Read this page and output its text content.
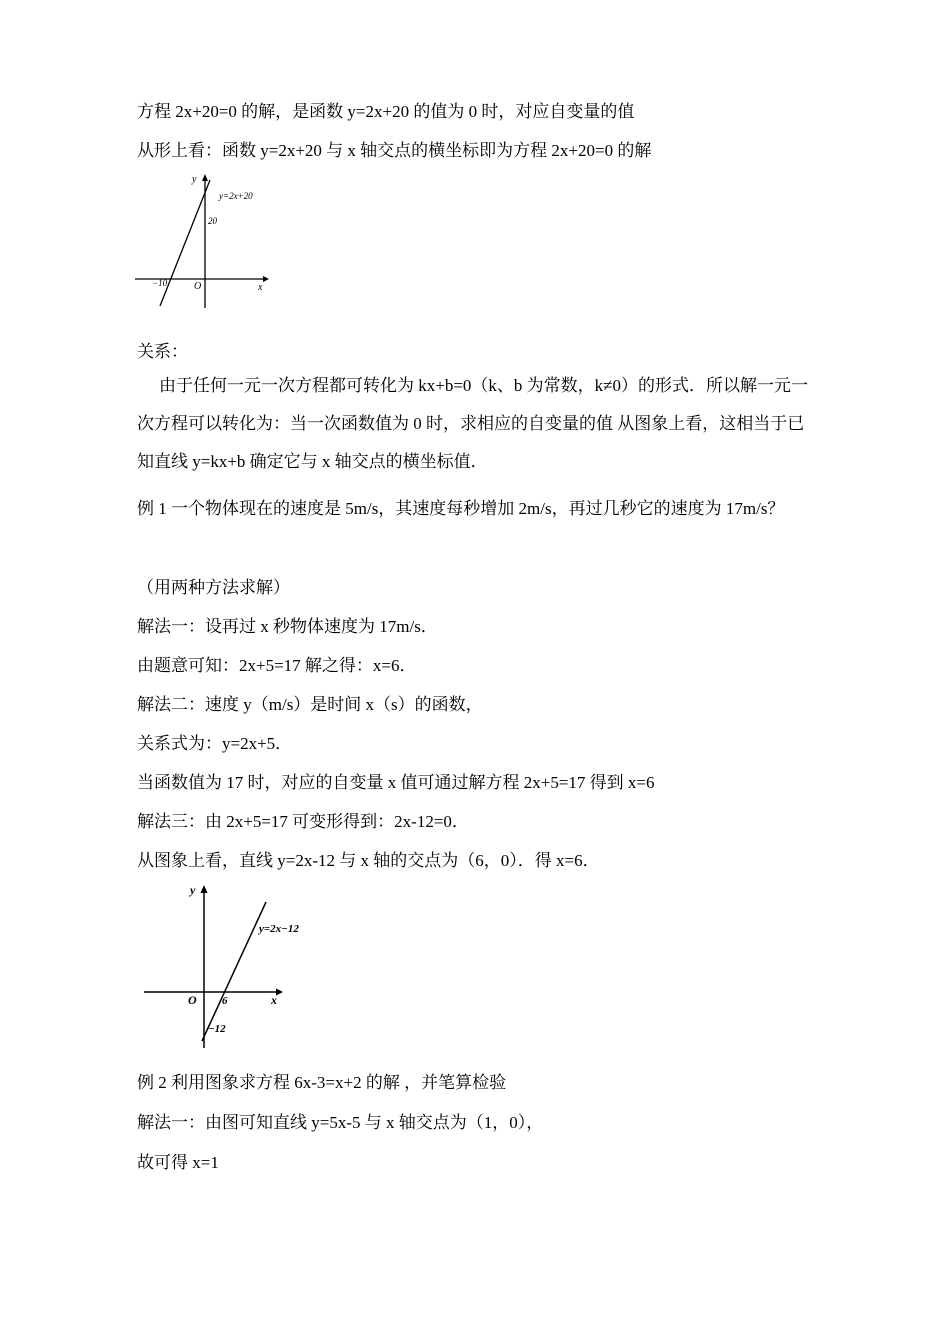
方程 2x+20=0 的解，是函数 y=2x+20 的值为 0 时，对应自变量的值
从形上看：函数 y=2x+20 与 x 轴交点的横坐标即为方程 2x+20=0 的解
y
x
O
y=2x+20
20
−10
关系：
由于任何一元一次方程都可转化为 kx+b=0（k、b 为常数，k≠0）的形式．所以解一元一次方程可以转化为：当一次函数值为 0 时，求相应的自变量的值 从图象上看，这相当于已知直线 y=kx+b 确定它与 x 轴交点的横坐标值．
例 1 一个物体现在的速度是 5m/s，其速度每秒增加 2m/s，再过几秒它的速度为 17m/s？
（用两种方法求解）
解法一：设再过 x 秒物体速度为 17m/s．
由题意可知：2x+5=17 解之得：x=6．
解法二：速度 y（m/s）是时间 x（s）的函数，
关系式为：y=2x+5．
当函数值为 17 时，对应的自变量 x 值可通过解方程 2x+5=17 得到 x=6
解法三：由 2x+5=17 可变形得到：2x-12=0．
从图象上看，直线 y=2x-12 与 x 轴的交点为（6，0）．得 x=6．
y
x
O
y=2x−12
6
−12
例 2 利用图象求方程 6x-3=x+2 的解 ，并笔算检验
解法一：由图可知直线 y=5x-5 与 x 轴交点为（1，0），
故可得 x=1
